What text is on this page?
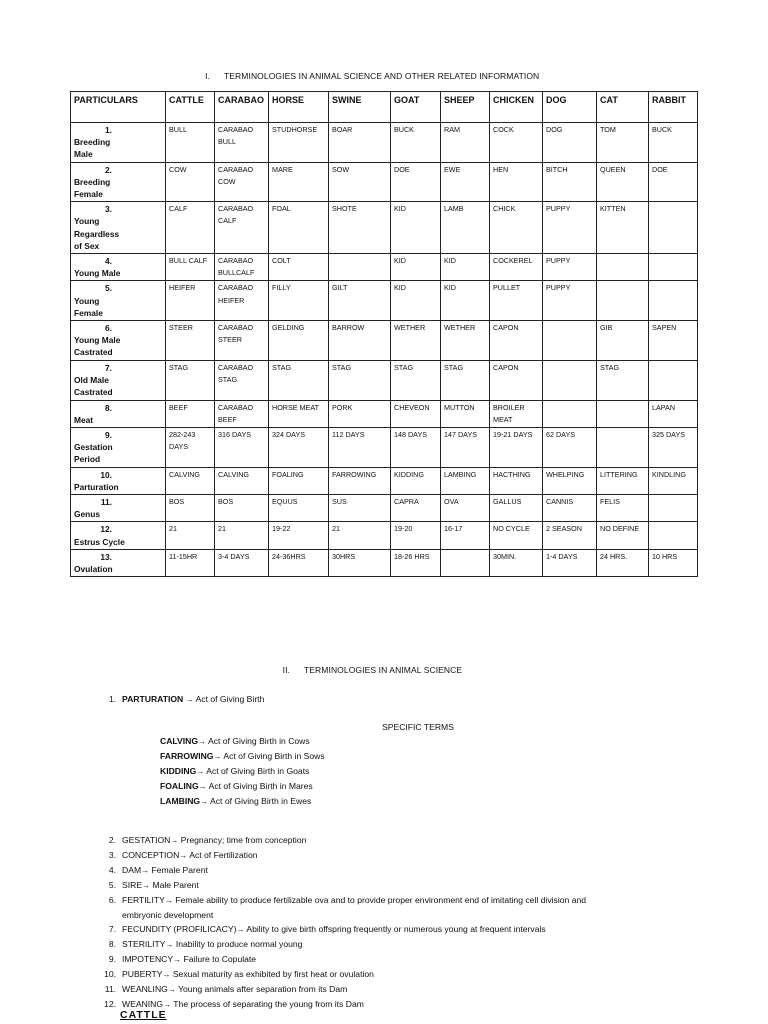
I. TERMINOLOGIES IN ANIMAL SCIENCE AND OTHER RELATED INFORMATION
PARTICULARS	CATTLE	CARABAO	HORSE	SWINE	GOAT	SHEEP	CHICKEN	DOG	CAT	RABBIT
1.Breeding Male	BULL	CARABAO BULL	STUDHORSE	BOAR	BUCK	RAM	COCK	DOG	TOM	BUCK
2.Breeding Female	COW	CARABAO COW	MARE	SOW	DOE	EWE	HEN	BITCH	QUEEN	DOE
3.Young Regardless of Sex	CALF	CARABAO CALF	FOAL	SHOTE	KID	LAMB	CHICK	PUPPY	KITTEN	
4.Young Male	BULL CALF	CARABAO BULLCALF	COLT		KID	KID	COCKEREL	PUPPY		
5.Young Female	HEIFER	CARABAO HEIFER	FILLY	GILT	KID	KID	PULLET	PUPPY		
6.Young Male Castrated	STEER	CARABAO STEER	GELDING	BARROW	WETHER	WETHER	CAPON		GIB	SAPEN
7.Old Male Castrated	STAG	CARABAO STAG	STAG	STAG	STAG	STAG	CAPON		STAG	
8.Meat	BEEF	CARABAO BEEF	HORSE MEAT	PORK	CHEVEON	MUTTON	BROILER MEAT			LAPAN
9.Gestation Period	282-243 DAYS	316 DAYS	324 DAYS	112 DAYS	148 DAYS	147 DAYS	19-21 DAYS	62 DAYS		325 DAYS
10.Parturation	CALVING	CALVING	FOALING	FARROWING	KIDDING	LAMBING	HACTHING	WHELPING	LITTERING	KINDLING
11.Genus	BOS	BOS	EQUUS	SUS	CAPRA	OVA	GALLUS	CANNIS	FELIS	
12.Estrus Cycle	21	21	19-22	21	19-20	16-17	NO CYCLE	2 SEASON	NO DEFINE	
13.Ovulation	11-15HR	3-4 DAYS	24-36HRS	30HRS	18-26 HRS		30MIN.	1-4 DAYS	24 HRS.	10 HRS
II. TERMINOLOGIES IN ANIMAL SCIENCE
1. PARTURATION → Act of Giving Birth
SPECIFIC TERMS
CALVING→ Act of Giving Birth in Cows
FARROWING→ Act of Giving Birth in Sows
KIDDING→ Act of Giving Birth in Goats
FOALING→ Act of Giving Birth in Mares
LAMBING→ Act of Giving Birth in Ewes
2. GESTATION→ Pregnancy; time from conception
3. CONCEPTION→ Act of Fertilization
4. DAM→ Female Parent
5. SIRE→ Male Parent
6. FERTILITY→ Female ability to produce fertilizable ova and to provide proper environment end of imitating cell division and
embryonic development
7. FECUNDITY (PROFILICACY)→ Ability to give birth offspring frequently or numerous young at frequent intervals
8. STERILITY→ Inability to produce normal young
9. IMPOTENCY→ Failure to Copulate
10. PUBERTY→ Sexual maturity as exhibited by first heat or ovulation
11. WEANLING→ Young animals after separation from its Dam
12. WEANING→ The process of separating the young from its Dam
CATTLE
